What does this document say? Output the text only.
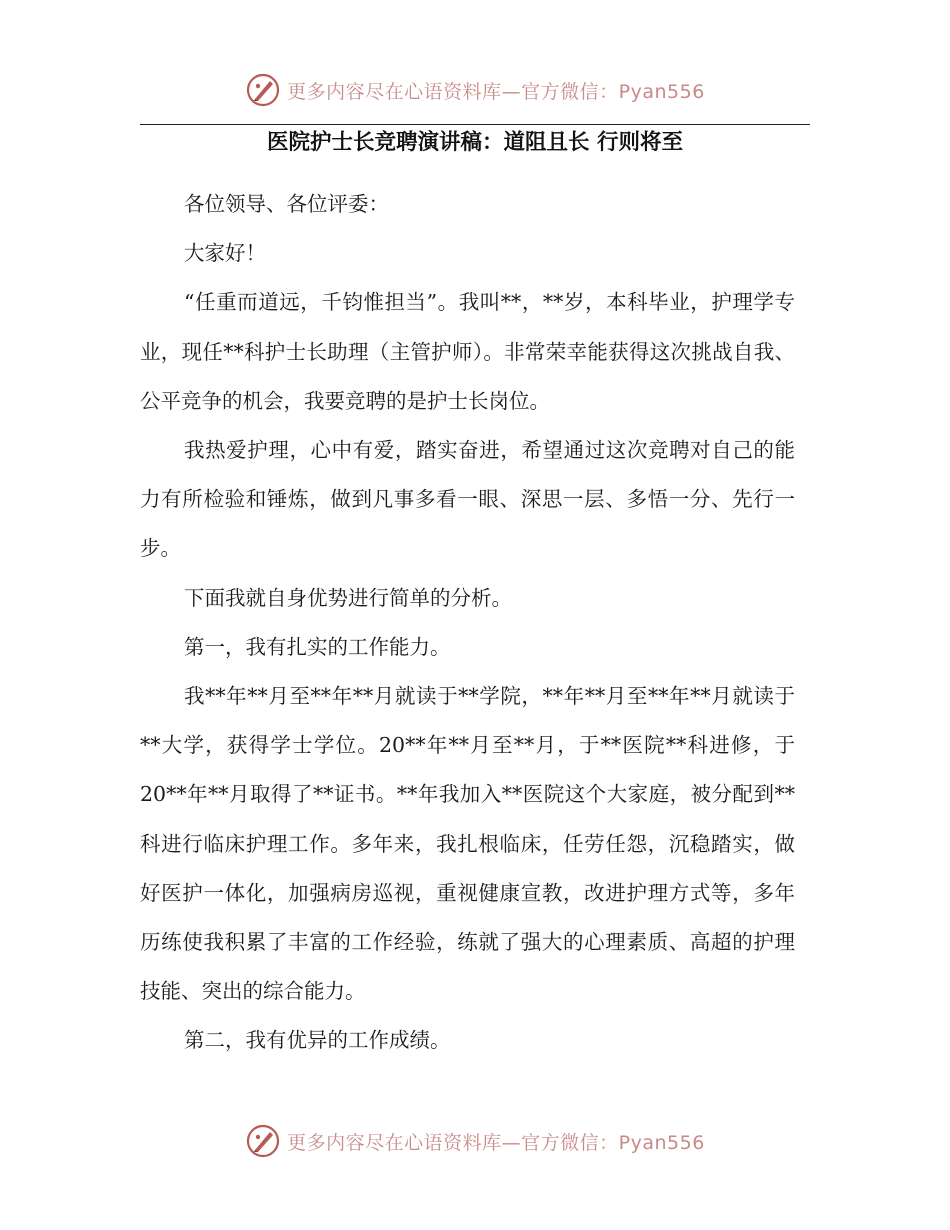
更多内容尽在心语资料库—官方微信：Pyan556
医院护士长竞聘演讲稿：道阻且长 行则将至

各位领导、各位评委：

大家好！

“任重而道远，千钧惟担当”。我叫**，**岁，本科毕业，护理学专业，现任**科护士长助理（主管护师）。非常荣幸能获得这次挑战自我、公平竞争的机会，我要竞聘的是护士长岗位。

我热爱护理，心中有爱，踏实奋进，希望通过这次竞聘对自己的能力有所检验和锤炼，做到凡事多看一眼、深思一层、多悟一分、先行一步。

下面我就自身优势进行简单的分析。

第一，我有扎实的工作能力。

我**年**月至**年**月就读于**学院，**年**月至**年**月就读于**大学，获得学士学位。20**年**月至**月，于**医院**科进修，于20**年**月取得了**证书。**年我加入**医院这个大家庭，被分配到**科进行临床护理工作。多年来，我扎根临床，任劳任怨，沉稳踏实，做好医护一体化，加强病房巡视，重视健康宣教，改进护理方式等，多年历练使我积累了丰富的工作经验，练就了强大的心理素质、高超的护理技能、突出的综合能力。

第二，我有优异的工作成绩。

更多内容尽在心语资料库—官方微信：Pyan556
